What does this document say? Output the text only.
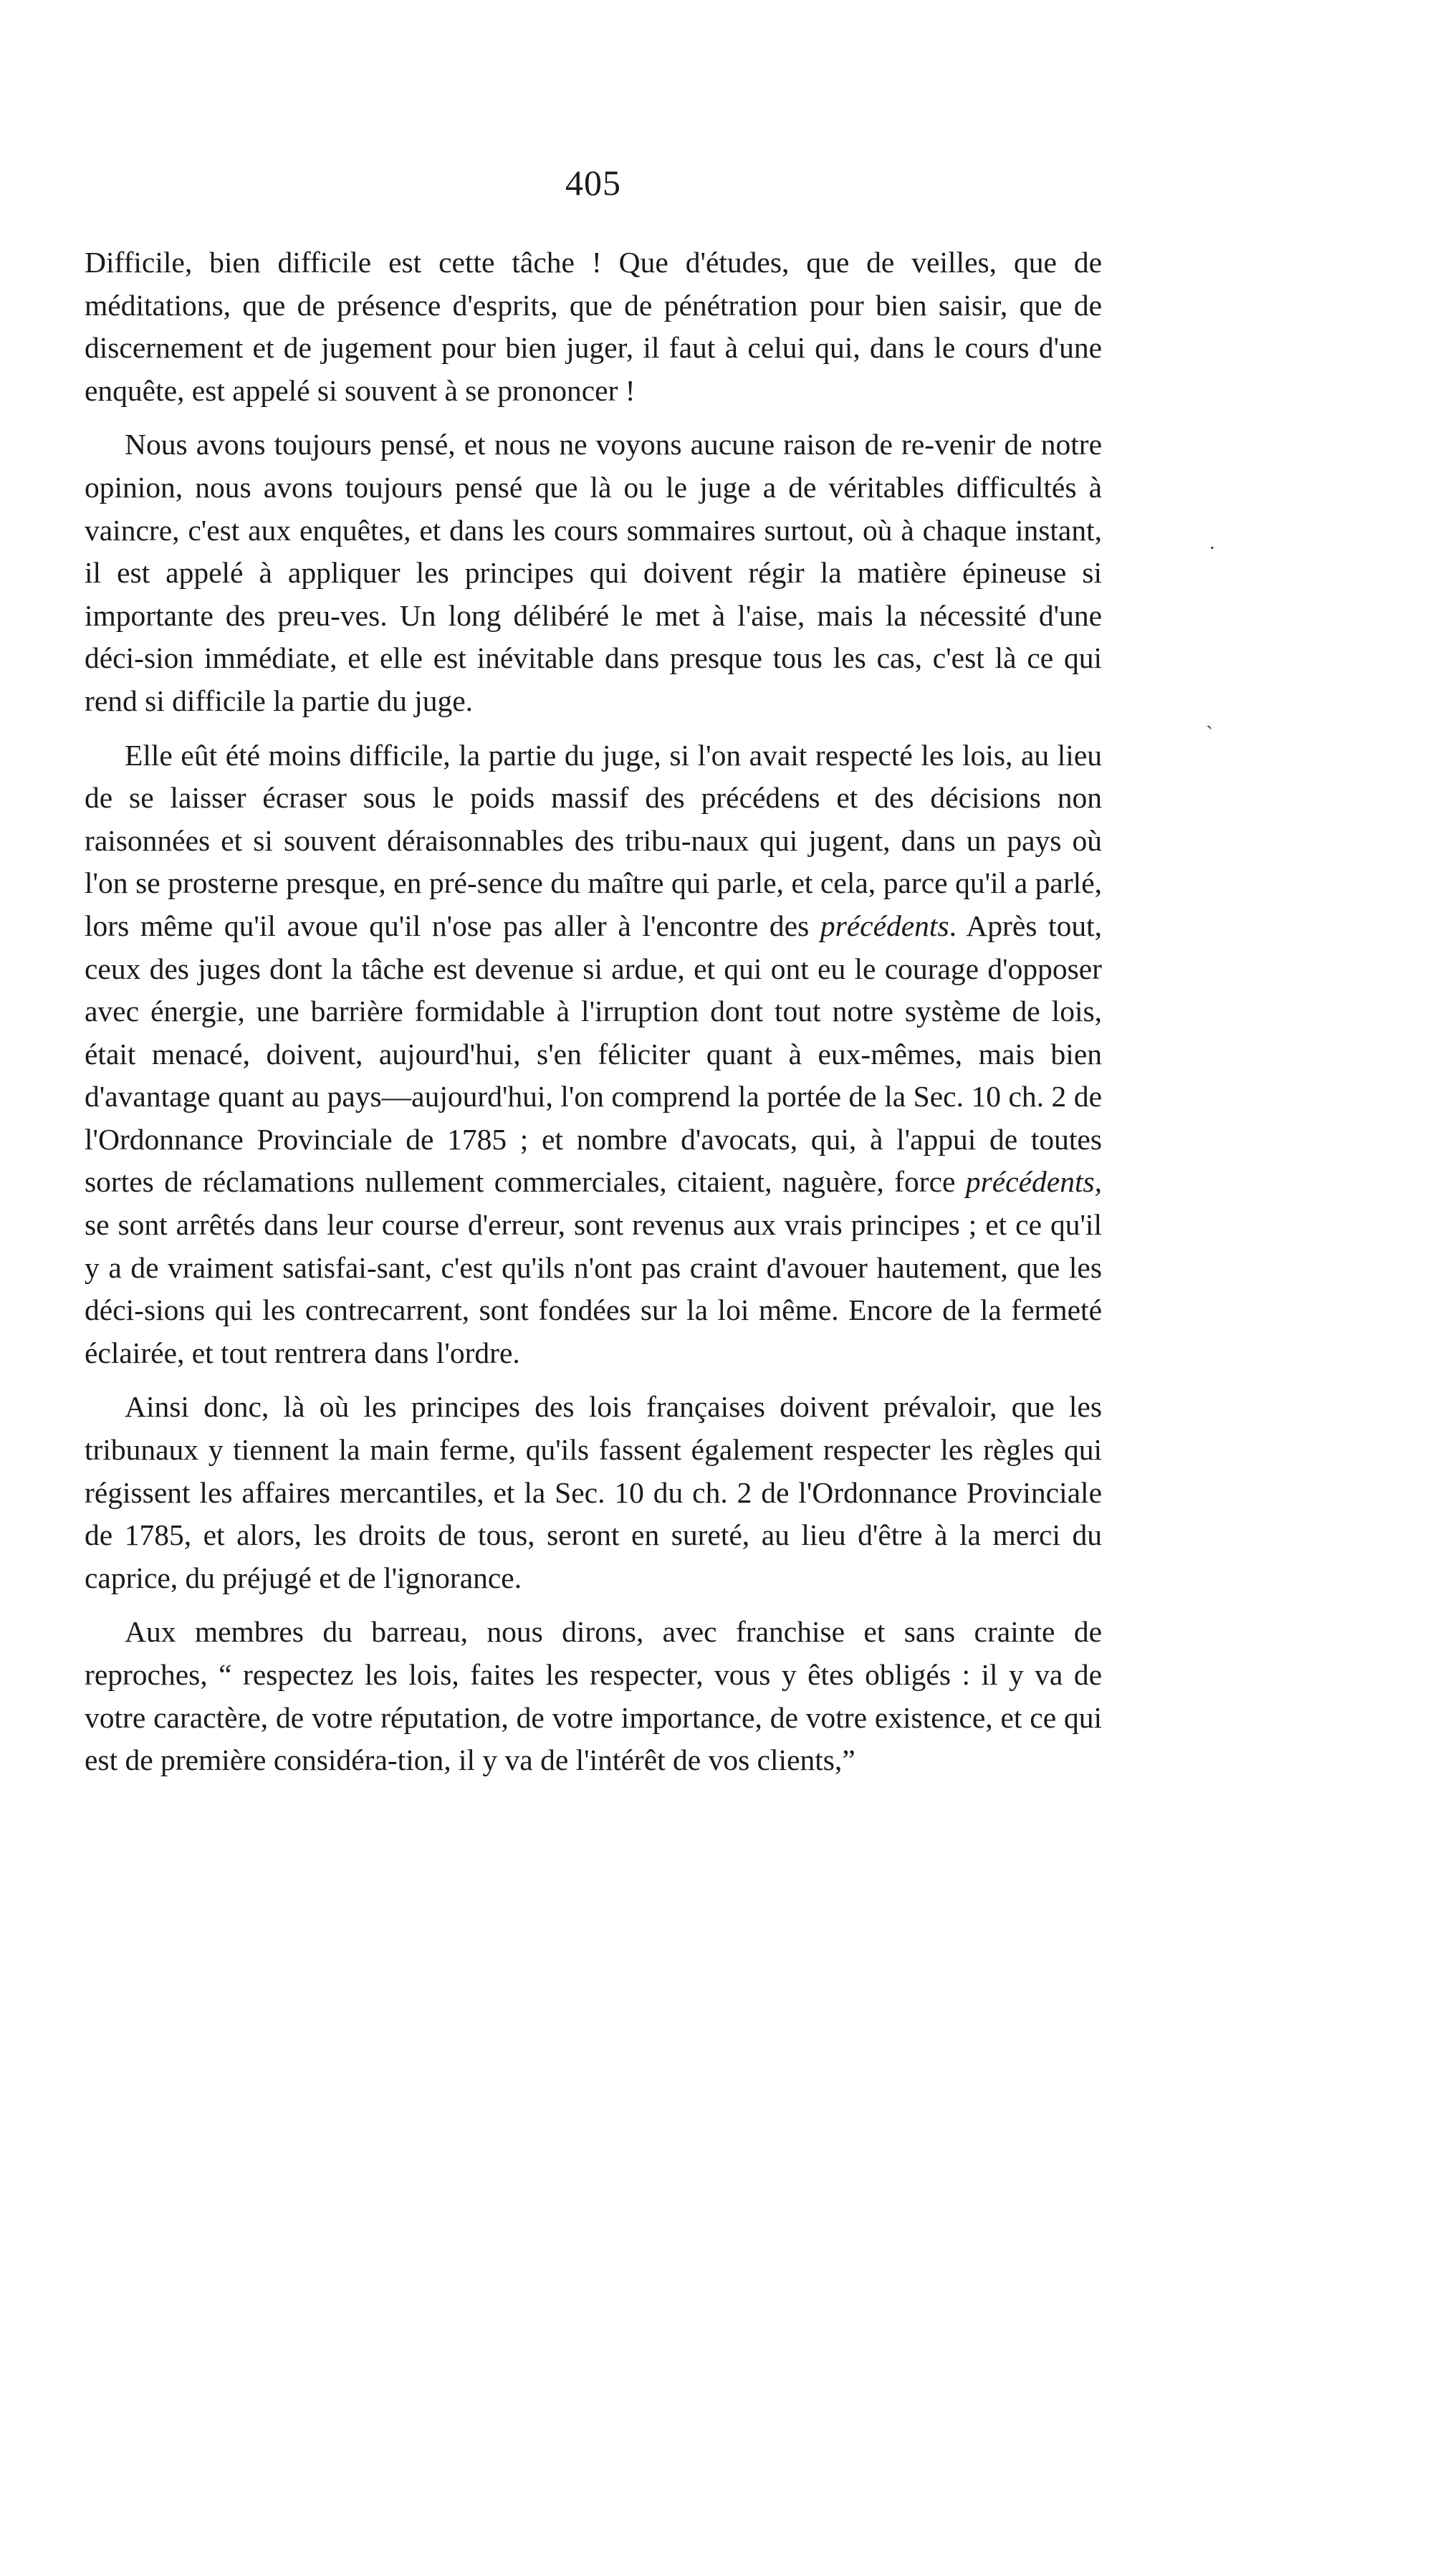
405

Difficile, bien difficile est cette tâche ! Que d'études, que de veilles, que de méditations, que de présence d'esprits, que de pénétration pour bien saisir, que de discernement et de jugement pour bien juger, il faut à celui qui, dans le cours d'une enquête, est appelé si souvent à se prononcer !

Nous avons toujours pensé, et nous ne voyons aucune raison de re-venir de notre opinion, nous avons toujours pensé que là ou le juge a de véritables difficultés à vaincre, c'est aux enquêtes, et dans les cours sommaires surtout, où à chaque instant, il est appelé à appliquer les principes qui doivent régir la matière épineuse si importante des preu-ves. Un long délibéré le met à l'aise, mais la nécessité d'une déci-sion immédiate, et elle est inévitable dans presque tous les cas, c'est là ce qui rend si difficile la partie du juge.

Elle eût été moins difficile, la partie du juge, si l'on avait respecté les lois, au lieu de se laisser écraser sous le poids massif des précédens et des décisions non raisonnées et si souvent déraisonnables des tribu-naux qui jugent, dans un pays où l'on se prosterne presque, en pré-sence du maître qui parle, et cela, parce qu'il a parlé, lors même qu'il avoue qu'il n'ose pas aller à l'encontre des précédents. Après tout, ceux des juges dont la tâche est devenue si ardue, et qui ont eu le courage d'opposer avec énergie, une barrière formidable à l'irruption dont tout notre système de lois, était menacé, doivent, aujourd'hui, s'en féliciter quant à eux-mêmes, mais bien d'avantage quant au pays—aujourd'hui, l'on comprend la portée de la Sec. 10 ch. 2 de l'Ordonnance Provinciale de 1785 ; et nombre d'avocats, qui, à l'appui de toutes sortes de réclamations nullement commerciales, citaient, naguère, force précédents, se sont arrêtés dans leur course d'erreur, sont revenus aux vrais principes ; et ce qu'il y a de vraiment satisfai-sant, c'est qu'ils n'ont pas craint d'avouer hautement, que les déci-sions qui les contrecarrent, sont fondées sur la loi même. Encore de la fermeté éclairée, et tout rentrera dans l'ordre.

Ainsi donc, là où les principes des lois françaises doivent prévaloir, que les tribunaux y tiennent la main ferme, qu'ils fassent également respecter les règles qui régissent les affaires mercantiles, et la Sec. 10 du ch. 2 de l'Ordonnance Provinciale de 1785, et alors, les droits de tous, seront en sureté, au lieu d'être à la merci du caprice, du préjugé et de l'ignorance.

Aux membres du barreau, nous dirons, avec franchise et sans crainte de reproches, “ respectez les lois, faites les respecter, vous y êtes obligés : il y va de votre caractère, de votre réputation, de votre importance, de votre existence, et ce qui est de première considéra-tion, il y va de l'intérêt de vos clients,”

.
ˏ
